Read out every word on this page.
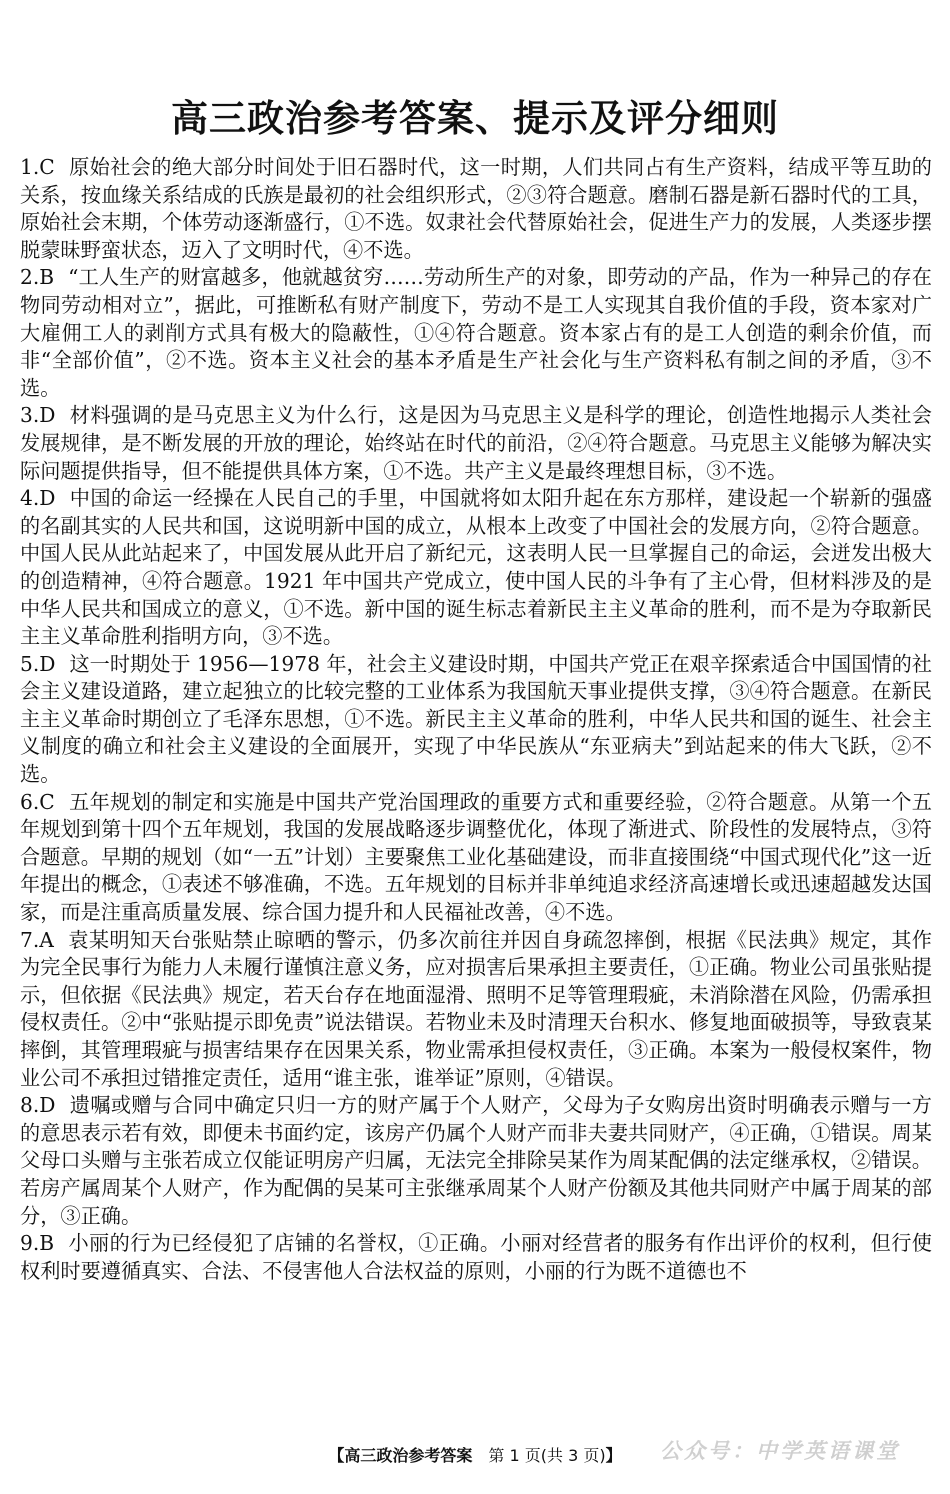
高三政治参考答案、提示及评分细则

1.C 原始社会的绝大部分时间处于旧石器时代，这一时期，人们共同占有生产资料，结成平等互助的关系，按血缘关系结成的氏族是最初的社会组织形式，②③符合题意。磨制石器是新石器时代的工具，原始社会末期，个体劳动逐渐盛行，①不选。奴隶社会代替原始社会，促进生产力的发展，人类逐步摆脱蒙昧野蛮状态，迈入了文明时代，④不选。

2.B “工人生产的财富越多，他就越贫穷……劳动所生产的对象，即劳动的产品，作为一种异己的存在物同劳动相对立”，据此，可推断私有财产制度下，劳动不是工人实现其自我价值的手段，资本家对广大雇佣工人的剥削方式具有极大的隐蔽性，①④符合题意。资本家占有的是工人创造的剩余价值，而非“全部价值”，②不选。资本主义社会的基本矛盾是生产社会化与生产资料私有制之间的矛盾，③不选。

3.D 材料强调的是马克思主义为什么行，这是因为马克思主义是科学的理论，创造性地揭示人类社会发展规律，是不断发展的开放的理论，始终站在时代的前沿，②④符合题意。马克思主义能够为解决实际问题提供指导，但不能提供具体方案，①不选。共产主义是最终理想目标，③不选。

4.D 中国的命运一经操在人民自己的手里，中国就将如太阳升起在东方那样，建设起一个崭新的强盛的名副其实的人民共和国，这说明新中国的成立，从根本上改变了中国社会的发展方向，②符合题意。中国人民从此站起来了，中国发展从此开启了新纪元，这表明人民一旦掌握自己的命运，会迸发出极大的创造精神，④符合题意。1921 年中国共产党成立，使中国人民的斗争有了主心骨，但材料涉及的是中华人民共和国成立的意义，①不选。新中国的诞生标志着新民主主义革命的胜利，而不是为夺取新民主主义革命胜利指明方向，③不选。

5.D 这一时期处于 1956—1978 年，社会主义建设时期，中国共产党正在艰辛探索适合中国国情的社会主义建设道路，建立起独立的比较完整的工业体系为我国航天事业提供支撑，③④符合题意。在新民主主义革命时期创立了毛泽东思想，①不选。新民主主义革命的胜利，中华人民共和国的诞生、社会主义制度的确立和社会主义建设的全面展开，实现了中华民族从“东亚病夫”到站起来的伟大飞跃，②不选。

6.C 五年规划的制定和实施是中国共产党治国理政的重要方式和重要经验，②符合题意。从第一个五年规划到第十四个五年规划，我国的发展战略逐步调整优化，体现了渐进式、阶段性的发展特点，③符合题意。早期的规划（如“一五”计划）主要聚焦工业化基础建设，而非直接围绕“中国式现代化”这一近年提出的概念，①表述不够准确，不选。五年规划的目标并非单纯追求经济高速增长或迅速超越发达国家，而是注重高质量发展、综合国力提升和人民福祉改善，④不选。

7.A 袁某明知天台张贴禁止晾晒的警示，仍多次前往并因自身疏忽摔倒，根据《民法典》规定，其作为完全民事行为能力人未履行谨慎注意义务，应对损害后果承担主要责任，①正确。物业公司虽张贴提示，但依据《民法典》规定，若天台存在地面湿滑、照明不足等管理瑕疵，未消除潜在风险，仍需承担侵权责任。②中“张贴提示即免责”说法错误。若物业未及时清理天台积水、修复地面破损等，导致袁某摔倒，其管理瑕疵与损害结果存在因果关系，物业需承担侵权责任，③正确。本案为一般侵权案件，物业公司不承担过错推定责任，适用“谁主张，谁举证”原则，④错误。

8.D 遗嘱或赠与合同中确定只归一方的财产属于个人财产，父母为子女购房出资时明确表示赠与一方的意思表示若有效，即便未书面约定，该房产仍属个人财产而非夫妻共同财产，④正确，①错误。周某父母口头赠与主张若成立仅能证明房产归属，无法完全排除吴某作为周某配偶的法定继承权，②错误。若房产属周某个人财产，作为配偶的吴某可主张继承周某个人财产份额及其他共同财产中属于周某的部分，③正确。

9.B 小丽的行为已经侵犯了店铺的名誉权，①正确。小丽对经营者的服务有作出评价的权利，但行使权利时要遵循真实、合法、不侵害他人合法权益的原则，小丽的行为既不道德也不

【高三政治参考答案 第 1 页(共 3 页)】	公众号：中学英语课堂
